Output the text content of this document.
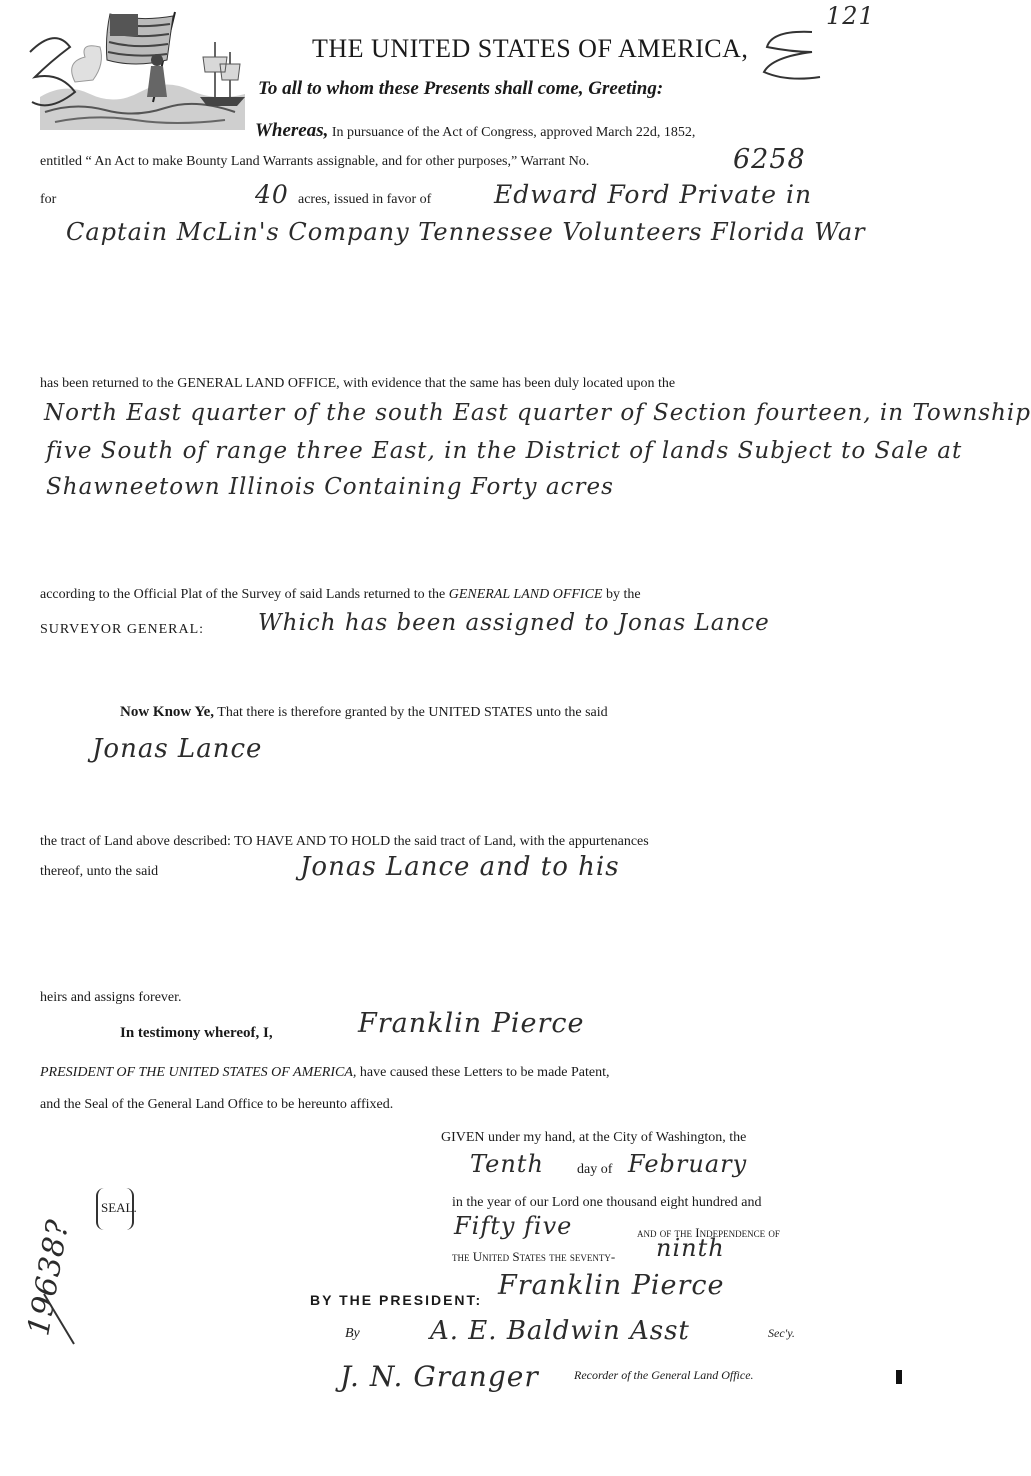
121
THE UNITED STATES OF AMERICA,
To all to whom these Presents shall come, Greeting:
Whereas, In pursuance of the Act of Congress, approved March 22d, 1852,
entitled “ An Act to make Bounty Land Warrants assignable, and for other purposes,” Warrant No.	6258
for	40 acres, issued in favor of	Edward Ford Private in
Captain McLin's Company Tennessee Volunteers Florida War
has been returned to the GENERAL LAND OFFICE, with evidence that the same has been duly located upon the
North East quarter of the south East quarter of Section fourteen, in Township
five South of range three East, in the District of lands Subject to Sale at
Shawneetown Illinois Containing Forty acres
according to the Official Plat of the Survey of said Lands returned to the GENERAL LAND OFFICE by the
SURVEYOR GENERAL: Which has been assigned to Jonas Lance
Now Know Ye, That there is therefore granted by the UNITED STATES unto the said
Jonas Lance
the tract of Land above described: TO HAVE AND TO HOLD the said tract of Land, with the appurtenances
thereof, unto the said	Jonas Lance and to his
heirs and assigns forever.
In testimony whereof, I,	Franklin Pierce
PRESIDENT OF THE UNITED STATES OF AMERICA, have caused these Letters to be made Patent,
and the Seal of the General Land Office to be hereunto affixed.
GIVEN under my hand, at the City of Washington, the
Tenth day of February
in the year of our Lord one thousand eight hundred and
Fifty five	and of the Independence of
the United States the seventy- ninth
SEAL.
19638?	BY THE PRESIDENT: Franklin Pierce
By	A. E. Baldwin Asst	Sec'y.
J. N. Granger	Recorder of the General Land Office.
